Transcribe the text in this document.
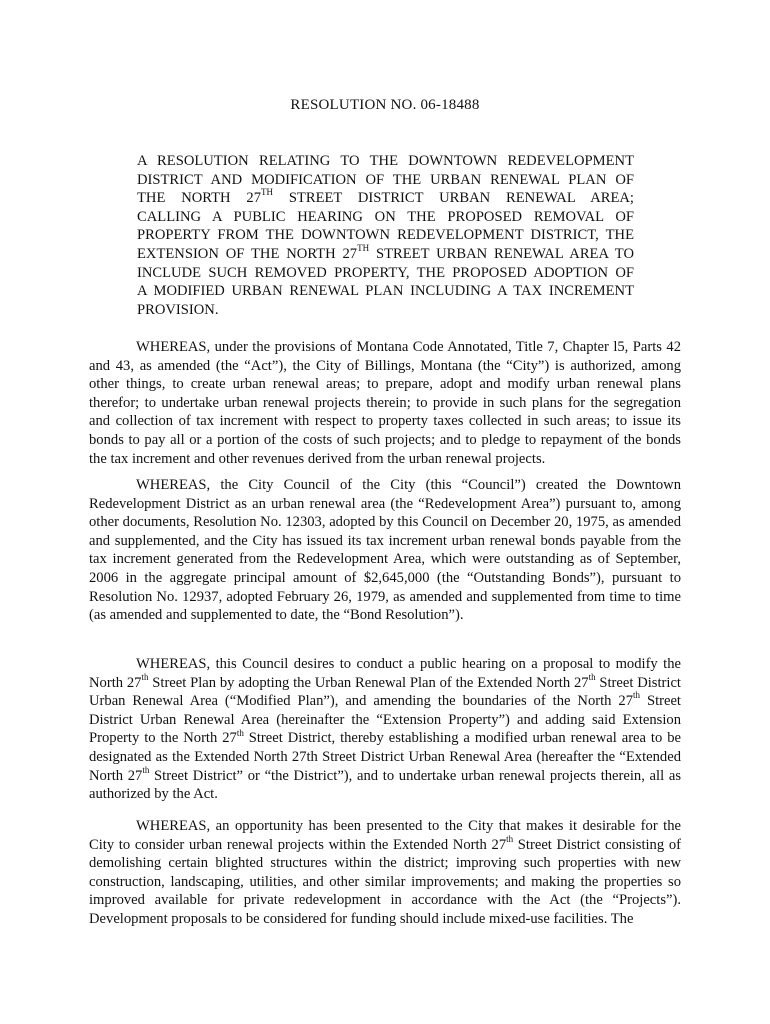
RESOLUTION NO. 06-18488
A RESOLUTION RELATING TO THE DOWNTOWN REDEVELOPMENT
DISTRICT AND MODIFICATION OF THE URBAN RENEWAL PLAN OF
THE NORTH 27TH STREET DISTRICT URBAN RENEWAL AREA;
CALLING A PUBLIC HEARING ON THE PROPOSED REMOVAL OF
PROPERTY FROM THE DOWNTOWN REDEVELOPMENT DISTRICT, THE
EXTENSION OF THE NORTH 27TH STREET URBAN RENEWAL AREA TO
INCLUDE SUCH REMOVED PROPERTY, THE PROPOSED ADOPTION OF
A MODIFIED URBAN RENEWAL PLAN INCLUDING A TAX INCREMENT
PROVISION.

WHEREAS, under the provisions of Montana Code Annotated, Title 7, Chapter l5, Parts 42 and 43, as amended (the “Act”), the City of Billings, Montana (the “City”) is authorized, among other things, to create urban renewal areas; to prepare, adopt and modify urban renewal plans therefor; to undertake urban renewal projects therein; to provide in such plans for the segregation and collection of tax increment with respect to property taxes collected in such areas; to issue its bonds to pay all or a portion of the costs of such projects; and to pledge to repayment of the bonds the tax increment and other revenues derived from the urban renewal projects.

WHEREAS, the City Council of the City (this “Council”) created the Downtown Redevelopment District as an urban renewal area (the “Redevelopment Area”) pursuant to, among other documents, Resolution No. 12303, adopted by this Council on December 20, 1975, as amended and supplemented, and the City has issued its tax increment urban renewal bonds payable from the tax increment generated from the Redevelopment Area, which were outstanding as of September, 2006 in the aggregate principal amount of $2,645,000 (the “Outstanding Bonds”), pursuant to Resolution No. 12937, adopted February 26, 1979, as amended and supplemented from time to time (as amended and supplemented to date, the “Bond Resolution”).

WHEREAS, this Council desires to conduct a public hearing on a proposal to modify the North 27th Street Plan by adopting the Urban Renewal Plan of the Extended North 27th Street District Urban Renewal Area (“Modified Plan”), and amending the boundaries of the North 27th Street District Urban Renewal Area (hereinafter the “Extension Property”) and adding said Extension Property to the North 27th Street District, thereby establishing a modified urban renewal area to be designated as the Extended North 27th Street District Urban Renewal Area (hereafter the “Extended North 27th Street District” or “the District”), and to undertake urban renewal projects therein, all as authorized by the Act.

WHEREAS, an opportunity has been presented to the City that makes it desirable for the City to consider urban renewal projects within the Extended North 27th Street District consisting of demolishing certain blighted structures within the district; improving such properties with new construction, landscaping, utilities, and other similar improvements; and making the properties so improved available for private redevelopment in accordance with the Act (the “Projects”). Development proposals to be considered for funding should include mixed-use facilities. The
